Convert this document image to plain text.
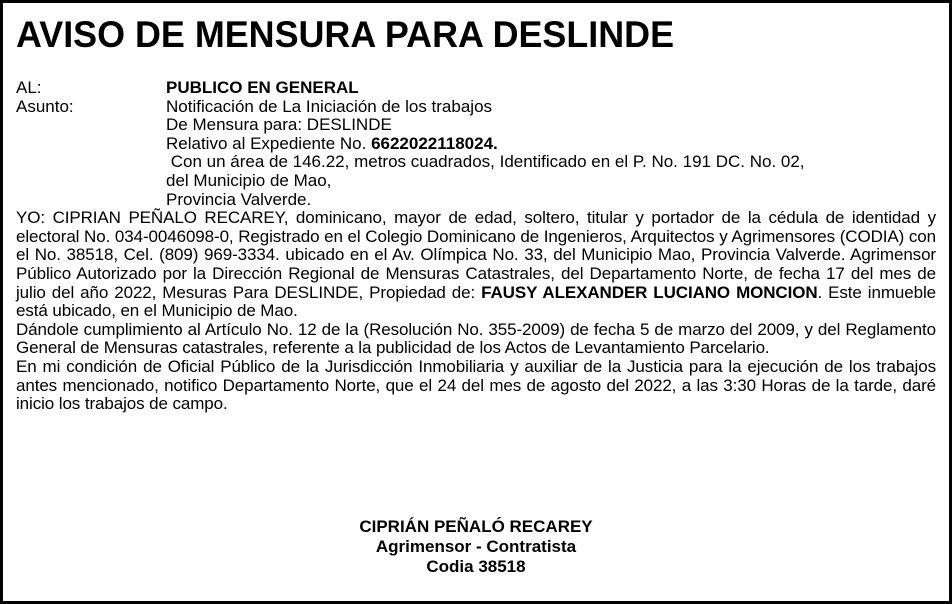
AVISO DE MENSURA PARA DESLINDE
AL:	PUBLICO EN GENERAL
Asunto:	Notificación de La Iniciación de los trabajos
De Mensura para: DESLINDE
Relativo al Expediente No. 6622022118024.
Con un área de 146.22, metros cuadrados, Identificado en el P. No. 191 DC. No. 02,
del Municipio de Mao,
Provincia Valverde.

YO: CIPRIAN PEÑALO RECAREY, dominicano, mayor de edad, soltero, titular y portador de la cédula de identidad y electoral No. 034-0046098-0, Registrado en el Colegio Dominicano de Ingenieros, Arquitectos y Agrimensores (CODIA) con el No. 38518, Cel. (809) 969-3334. ubicado en el Av. Olímpica No. 33, del Municipio Mao, Provincia Valverde. Agrimensor Público Autorizado por la Dirección Regional de Mensuras Catastrales, del Departamento Norte, de fecha 17 del mes de julio del año 2022, Mesuras Para DESLINDE, Propiedad de: FAUSY ALEXANDER LUCIANO MONCION. Este inmueble está ubicado, en el Municipio de Mao.

Dándole cumplimiento al Artículo No. 12 de la (Resolución No. 355-2009) de fecha 5 de marzo del 2009, y del Reglamento General de Mensuras catastrales, referente a la publicidad de los Actos de Levantamiento Parcelario.

En mi condición de Oficial Público de la Jurisdicción Inmobiliaria y auxiliar de la Justicia para la ejecución de los trabajos antes mencionado, notifico Departamento Norte, que el 24 del mes de agosto del 2022, a las 3:30 Horas de la tarde, daré inicio los trabajos de campo.

CIPRIÁN PEÑALÓ RECAREY
Agrimensor - Contratista
Codia 38518
